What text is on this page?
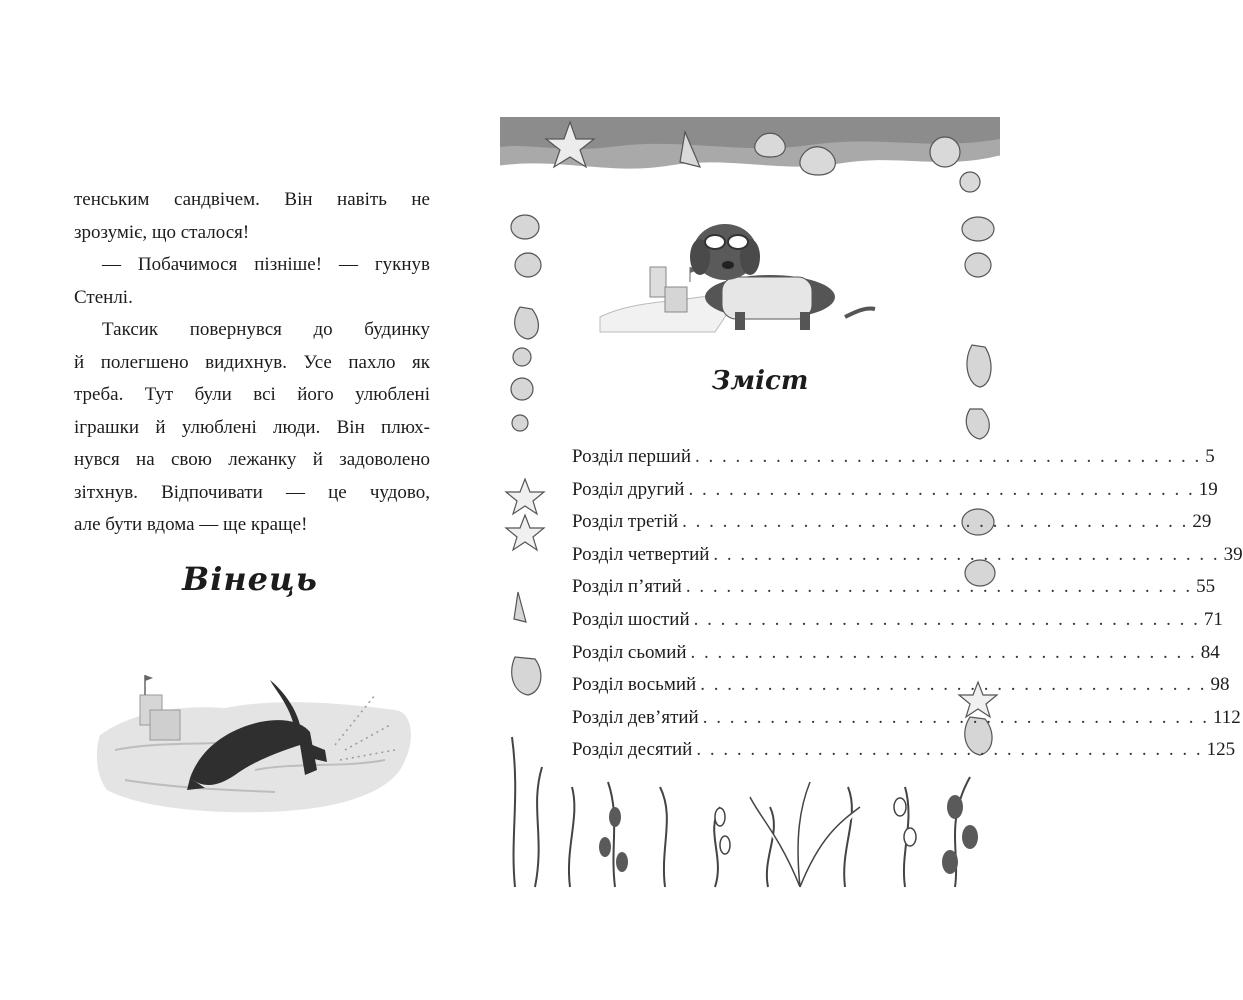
тенським сандвічем. Він навіть не
зрозуміє, що сталося!

— Побачимося пізніше! — гукнув
Стенлі.

Таксик повернувся до будинку
й полегшено видихнув. Усе пахло як
треба. Тут були всі його улюблені
іграшки й улюблені люди. Він плюх-
нувся на свою лежанку й задоволено
зітхнув. Відпочивати — це чудово,
але бути вдома — ще краще!

Вінець
Зміст
Розділ перший . . . . . . . . . . . . . . . . . . . . . . . . . . . . . . . . . . . . . . 5
Розділ другий . . . . . . . . . . . . . . . . . . . . . . . . . . . . . . . . . . . . . . 19
Розділ третій . . . . . . . . . . . . . . . . . . . . . . . . . . . . . . . . . . . . . . 29
Розділ четвертий . . . . . . . . . . . . . . . . . . . . . . . . . . . . . . . . . . . . . . 39
Розділ п’ятий . . . . . . . . . . . . . . . . . . . . . . . . . . . . . . . . . . . . . . 55
Розділ шостий . . . . . . . . . . . . . . . . . . . . . . . . . . . . . . . . . . . . . . 71
Розділ сьомий . . . . . . . . . . . . . . . . . . . . . . . . . . . . . . . . . . . . . . 84
Розділ восьмий . . . . . . . . . . . . . . . . . . . . . . . . . . . . . . . . . . . . . . 98
Розділ дев’ятий . . . . . . . . . . . . . . . . . . . . . . . . . . . . . . . . . . . . . . 112
Розділ десятий . . . . . . . . . . . . . . . . . . . . . . . . . . . . . . . . . . . . . . 125
